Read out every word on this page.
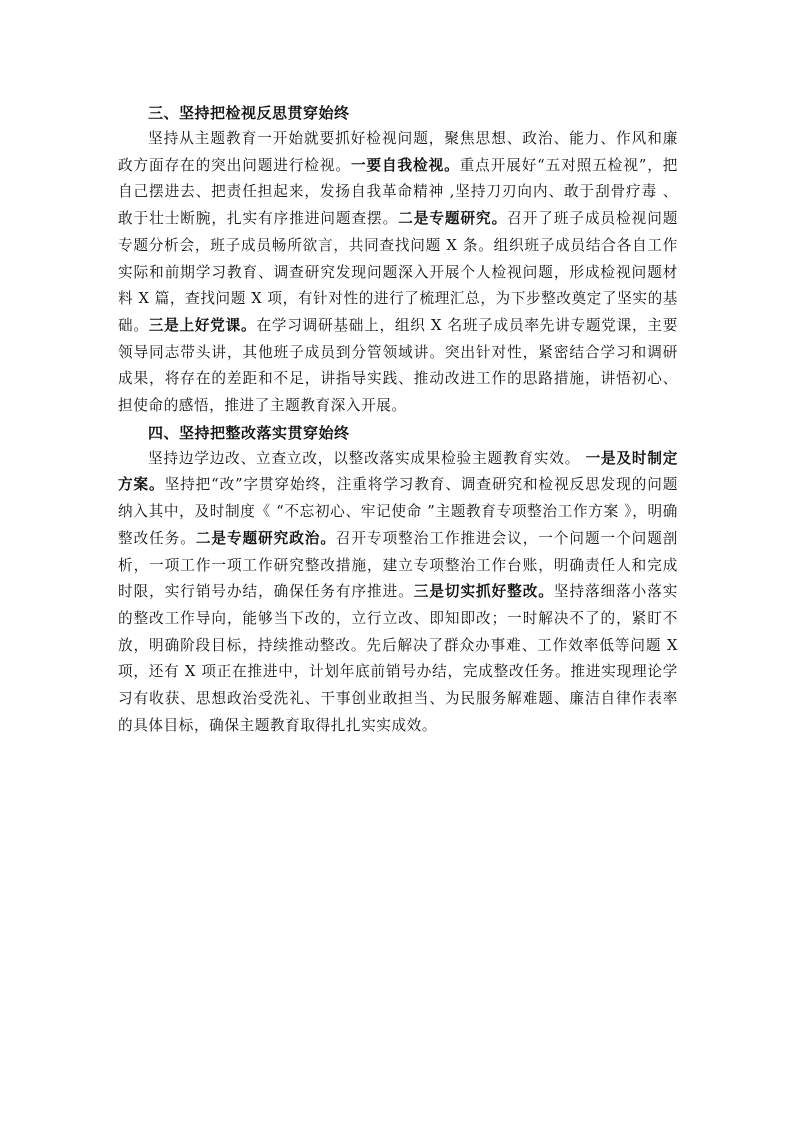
三、坚持把检视反思贯穿始终

坚持从主题教育一开始就要抓好检视问题，聚焦思想、政治、能力、作风和廉政方面存在的突出问题进行检视。一要自我检视。重点开展好“五对照五检视”，把自己摆进去、把责任担起来，发扬自我革命精神 ,坚持刀刃向内、敢于刮骨疗毒 、敢于壮士断腕，扎实有序推进问题查摆。二是专题研究。召开了班子成员检视问题专题分析会，班子成员畅所欲言，共同查找问题 X 条。组织班子成员结合各自工作实际和前期学习教育、调查研究发现问题深入开展个人检视问题，形成检视问题材料 X 篇，查找问题 X 项，有针对性的进行了梳理汇总，为下步整改奠定了坚实的基础。三是上好党课。在学习调研基础上，组织 X 名班子成员率先讲专题党课，主要领导同志带头讲，其他班子成员到分管领域讲。突出针对性，紧密结合学习和调研成果，将存在的差距和不足，讲指导实践、推动改进工作的思路措施，讲悟初心、担使命的感悟，推进了主题教育深入开展。

四、坚持把整改落实贯穿始终

坚持边学边改、立查立改，以整改落实成果检验主题教育实效。 一是及时制定方案。坚持把“改”字贯穿始终，注重将学习教育、调查研究和检视反思发现的问题纳入其中，及时制度《 “不忘初心、牢记使命 ”主题教育专项整治工作方案 》，明确整改任务。二是专题研究政治。召开专项整治工作推进会议，一个问题一个问题剖析，一项工作一项工作研究整改措施，建立专项整治工作台账，明确责任人和完成时限，实行销号办结，确保任务有序推进。三是切实抓好整改。坚持落细落小落实的整改工作导向，能够当下改的，立行立改、即知即改；一时解决不了的，紧盯不放，明确阶段目标，持续推动整改。先后解决了群众办事难、工作效率低等问题 X 项，还有 X 项正在推进中，计划年底前销号办结，完成整改任务。推进实现理论学习有收获、思想政治受洗礼、干事创业敢担当、为民服务解难题、廉洁自律作表率的具体目标，确保主题教育取得扎扎实实成效。
